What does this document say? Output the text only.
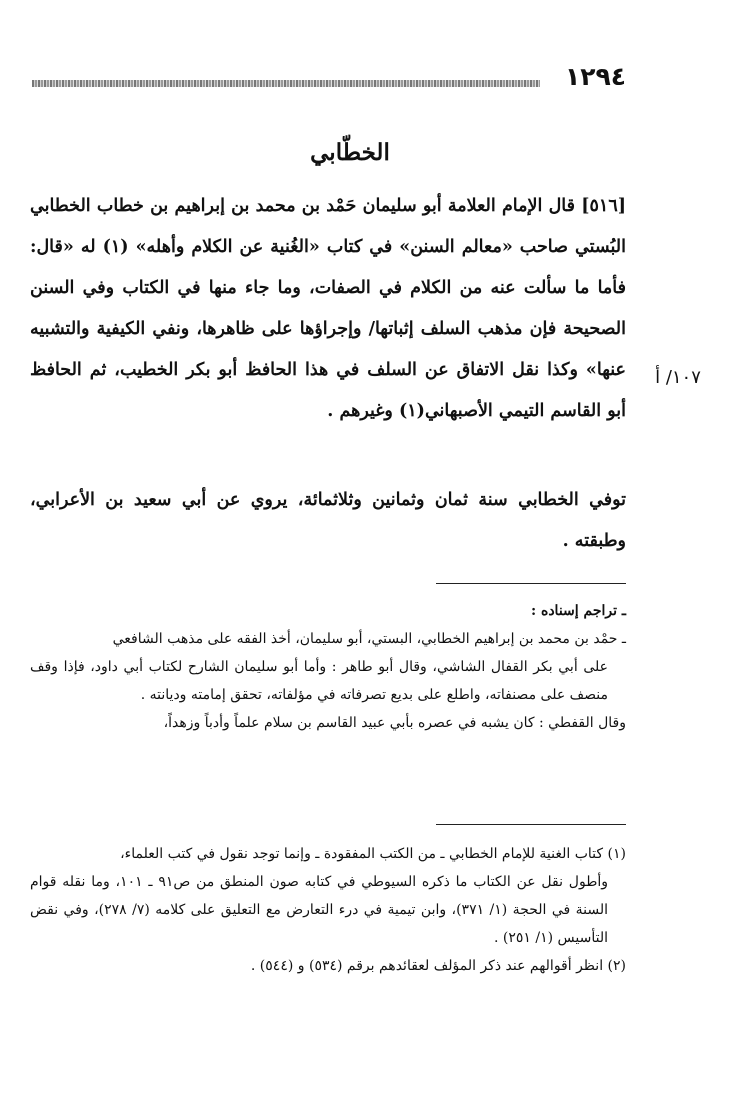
١٢٩٤
الخطّابي

[٥١٦] قال الإمام العلامة أبو سليمان حَمْد بن محمد بن إبراهيم بن خطاب الخطابي البُستي صاحب «معالم السنن» في كتاب «الغُنية عن الكلام وأهله» (١) له «قال: فأما ما سألت عنه من الكلام في الصفات، وما جاء منها في الكتاب وفي السنن الصحيحة فإن مذهب السلف إثباتها/ وإجراؤها على ظاهرها، ونفي الكيفية والتشبيه عنها» وكذا نقل الاتفاق عن السلف في هذا الحافظ أبو بكر الخطيب، ثم الحافظ أبو القاسم التيمي الأصبهاني(١) وغيرهم .

١٠٧/ أ
توفي الخطابي سنة ثمان وثمانين وثلاثمائة، يروي عن أبي سعيد بن الأعرابي، وطبقته .
ـ تراجم إسناده :
ـ حمْد بن محمد بن إبراهيم الخطابي، البستي، أبو سليمان، أخذ الفقه على مذهب الشافعي
على أبي بكر القفال الشاشي، وقال أبو طاهر : وأما أبو سليمان الشارح لكتاب أبي داود، فإذا وقف منصف على مصنفاته، واطلع على بديع تصرفاته في مؤلفاته، تحقق إمامته وديانته .
وقال القفطي : كان يشبه في عصره بأبي عبيد القاسم بن سلام علماً وأدباً وزهداً،
(١) كتاب الغنية للإمام الخطابي ـ من الكتب المفقودة ـ وإنما توجد نقول في كتب العلماء،
وأطول نقل عن الكتاب ما ذكره السيوطي في كتابه صون المنطق من ص٩١ ـ ١٠١، وما نقله قوام السنة في الحجة (١/ ٣٧١)، وابن تيمية في درء التعارض مع التعليق على كلامه (٧/ ٢٧٨)، وفي نقض التأسيس (١/ ٢٥١) .
(٢) انظر أقوالهم عند ذكر المؤلف لعقائدهم برقم (٥٣٤) و (٥٤٤) .
